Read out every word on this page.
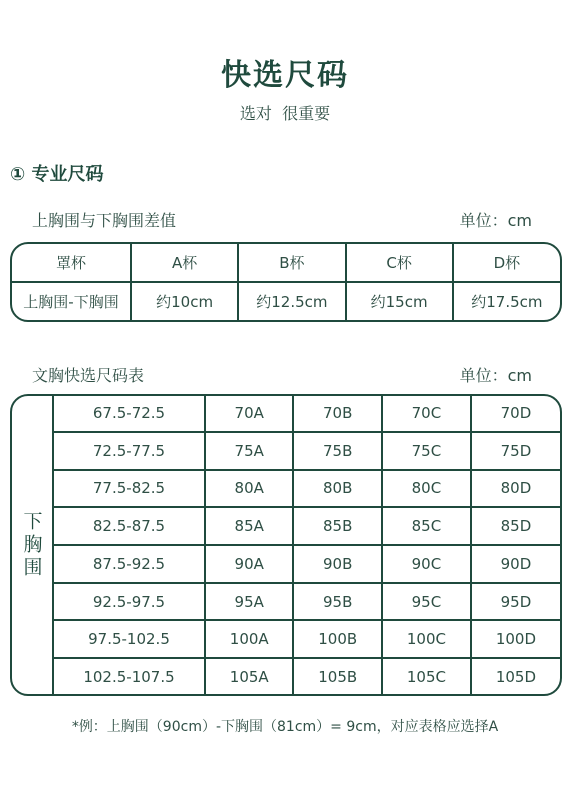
快选尺码
选对  很重要
① 专业尺码
上胸围与下胸围差值	单位：cm
罩杯	A杯	B杯	C杯	D杯
上胸围-下胸围	约10cm	约12.5cm	约15cm	约17.5cm
文胸快选尺码表	单位：cm
下胸围
67.5-72.5	70A	70B	70C	70D
72.5-77.5	75A	75B	75C	75D
77.5-82.5	80A	80B	80C	80D
82.5-87.5	85A	85B	85C	85D
87.5-92.5	90A	90B	90C	90D
92.5-97.5	95A	95B	95C	95D
97.5-102.5	100A	100B	100C	100D
102.5-107.5	105A	105B	105C	105D
*例：上胸围（90cm）-下胸围（81cm）= 9cm，对应表格应选择A
